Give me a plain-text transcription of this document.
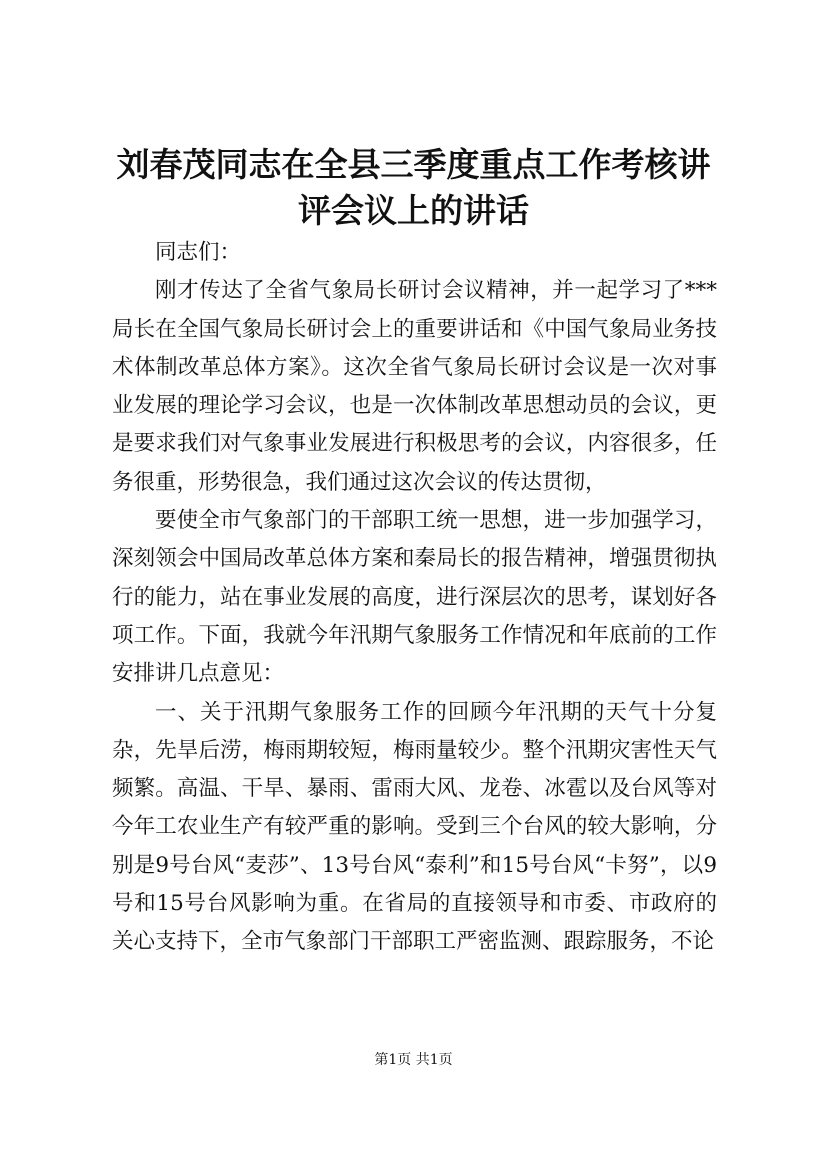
刘春茂同志在全县三季度重点工作考核讲评会议上的讲话

同志们：

刚才传达了全省气象局长研讨会议精神，并一起学习了***局长在全国气象局长研讨会上的重要讲话和《中国气象局业务技术体制改革总体方案》。这次全省气象局长研讨会议是一次对事业发展的理论学习会议，也是一次体制改革思想动员的会议，更是要求我们对气象事业发展进行积极思考的会议，内容很多，任务很重，形势很急，我们通过这次会议的传达贯彻，

要使全市气象部门的干部职工统一思想，进一步加强学习，深刻领会中国局改革总体方案和秦局长的报告精神，增强贯彻执行的能力，站在事业发展的高度，进行深层次的思考，谋划好各项工作。下面，我就今年汛期气象服务工作情况和年底前的工作安排讲几点意见：

一、关于汛期气象服务工作的回顾今年汛期的天气十分复杂，先旱后涝，梅雨期较短，梅雨量较少。整个汛期灾害性天气频繁。高温、干旱、暴雨、雷雨大风、龙卷、冰雹以及台风等对今年工农业生产有较严重的影响。受到三个台风的较大影响，分别是9号台风“麦莎”、13号台风“泰利”和15号台风“卡努”，以9号和15号台风影响为重。在省局的直接领导和市委、市政府的关心支持下，全市气象部门干部职工严密监测、跟踪服务，不论

第1页 共1页
